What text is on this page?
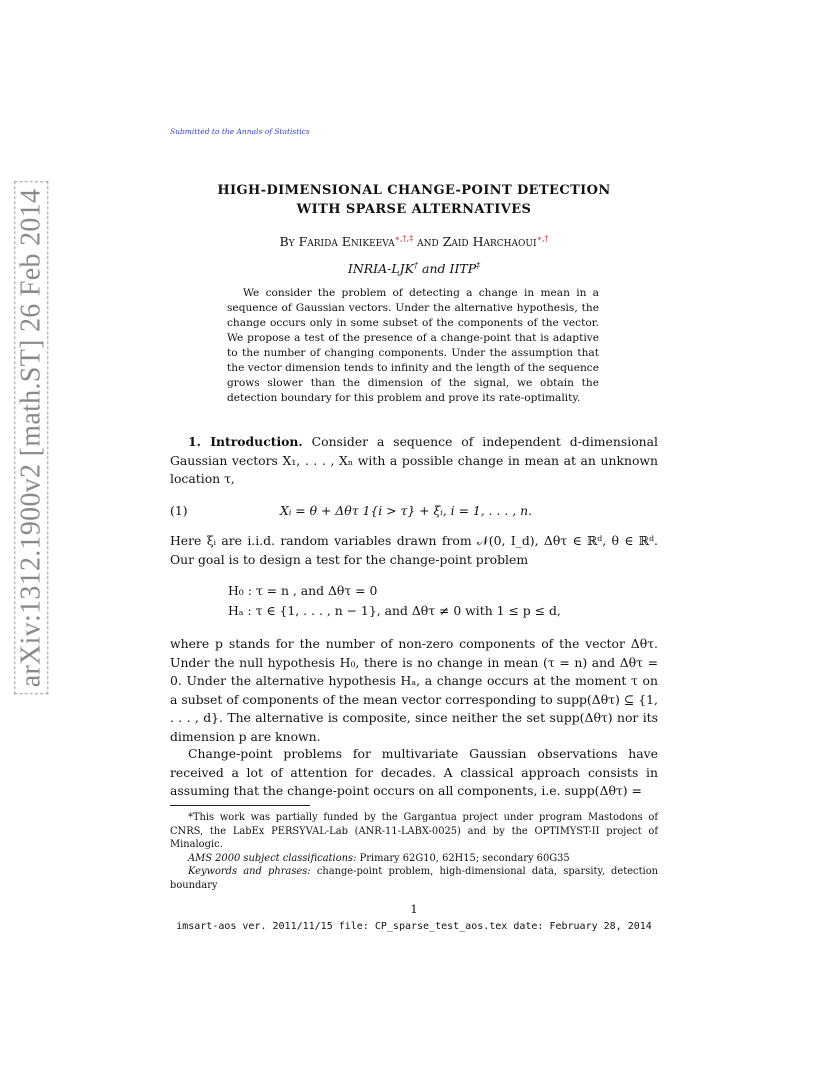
arXiv:1312.1900v2 [math.ST] 26 Feb 2014
Submitted to the Annals of Statistics
HIGH-DIMENSIONAL CHANGE-POINT DETECTION
WITH SPARSE ALTERNATIVES
By Farida Enikeeva∗,†,‡ and Zaid Harchaoui∗,†
INRIA-LJK† and IITP‡

We consider the problem of detecting a change in mean in a sequence of Gaussian vectors. Under the alternative hypothesis, the change occurs only in some subset of the components of the vector. We propose a test of the presence of a change-point that is adaptive to the number of changing components. Under the assumption that the vector dimension tends to infinity and the length of the sequence grows slower than the dimension of the signal, we obtain the detection boundary for this problem and prove its rate-optimality.

1. Introduction. Consider a sequence of independent d-dimensional Gaussian vectors X₁, . . . , Xₙ with a possible change in mean at an unknown location τ,

(1)	Xᵢ = θ + Δθτ 1{i > τ} + ξᵢ, i = 1, . . . , n.

Here ξᵢ are i.i.d. random variables drawn from 𝒩(0, I_d), Δθτ ∈ ℝᵈ, θ ∈ ℝᵈ. Our goal is to design a test for the change-point problem

H₀ : τ = n , and Δθτ = 0
Hₐ : τ ∈ {1, . . . , n − 1}, and Δθτ ≠ 0 with 1 ≤ p ≤ d,

where p stands for the number of non-zero components of the vector Δθτ. Under the null hypothesis H₀, there is no change in mean (τ = n) and Δθτ = 0. Under the alternative hypothesis Hₐ, a change occurs at the moment τ on a subset of components of the mean vector corresponding to supp(Δθτ) ⊆ {1, . . . , d}. The alternative is composite, since neither the set supp(Δθτ) nor its dimension p are known.

Change-point problems for multivariate Gaussian observations have received a lot of attention for decades. A classical approach consists in assuming that the change-point occurs on all components, i.e. supp(Δθτ) =

*This work was partially funded by the Gargantua project under program Mastodons of CNRS, the LabEx PERSYVAL-Lab (ANR-11-LABX-0025) and by the OPTIMYST-II project of Minalogic.

AMS 2000 subject classifications: Primary 62G10, 62H15; secondary 60G35

Keywords and phrases: change-point problem, high-dimensional data, sparsity, detection boundary

1
imsart-aos ver. 2011/11/15 file: CP_sparse_test_aos.tex date: February 28, 2014
